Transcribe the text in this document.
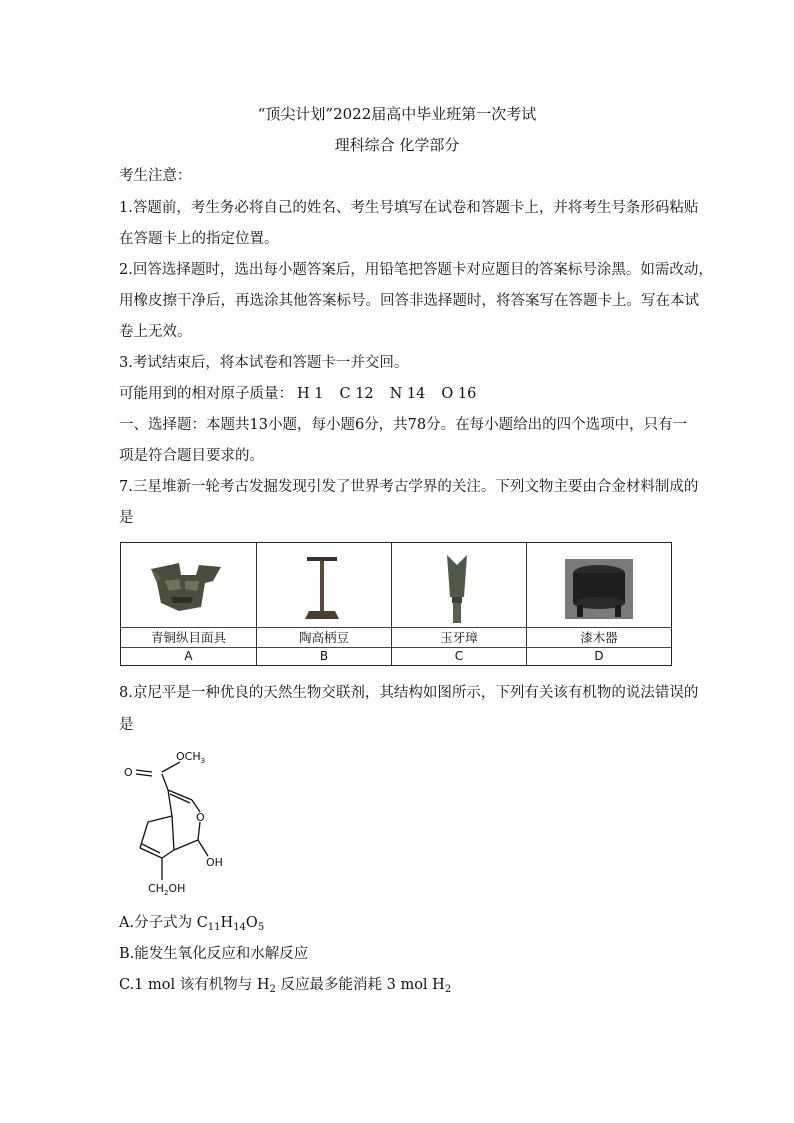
“顶尖计划”2022届高中毕业班第一次考试
理科综合 化学部分
考生注意：
1.答题前，考生务必将自己的姓名、考生号填写在试卷和答题卡上，并将考生号条形码粘贴
在答题卡上的指定位置。
2.回答选择题时，选出每小题答案后，用铅笔把答题卡对应题目的答案标号涂黑。如需改动，
用橡皮擦干净后，再选涂其他答案标号。回答非选择题时，将答案写在答题卡上。写在本试
卷上无效。
3.考试结束后，将本试卷和答题卡一并交回。
可能用到的相对原子质量： H 1 C 12 N 14 O 16
一、选择题：本题共13小题，每小题6分，共78分。在每小题给出的四个选项中，只有一
项是符合题目要求的。
7.三星堆新一轮考古发掘发现引发了世界考古学界的关注。下列文物主要由合金材料制成的
是
青铜纵目面具
A
陶高柄豆
B
玉牙璋
C
漆木器
D
8.京尼平是一种优良的天然生物交联剂，其结构如图所示，下列有关该有机物的说法错误的
是
$OCH_3$
O
O
OH
$CH_2OH$
A.分子式为 $C_{11}H_{14}O_5$
B.能发生氧化反应和水解反应
C.1 mol 该有机物与 $H_2$ 反应最多能消耗 3 mol $H_2$
